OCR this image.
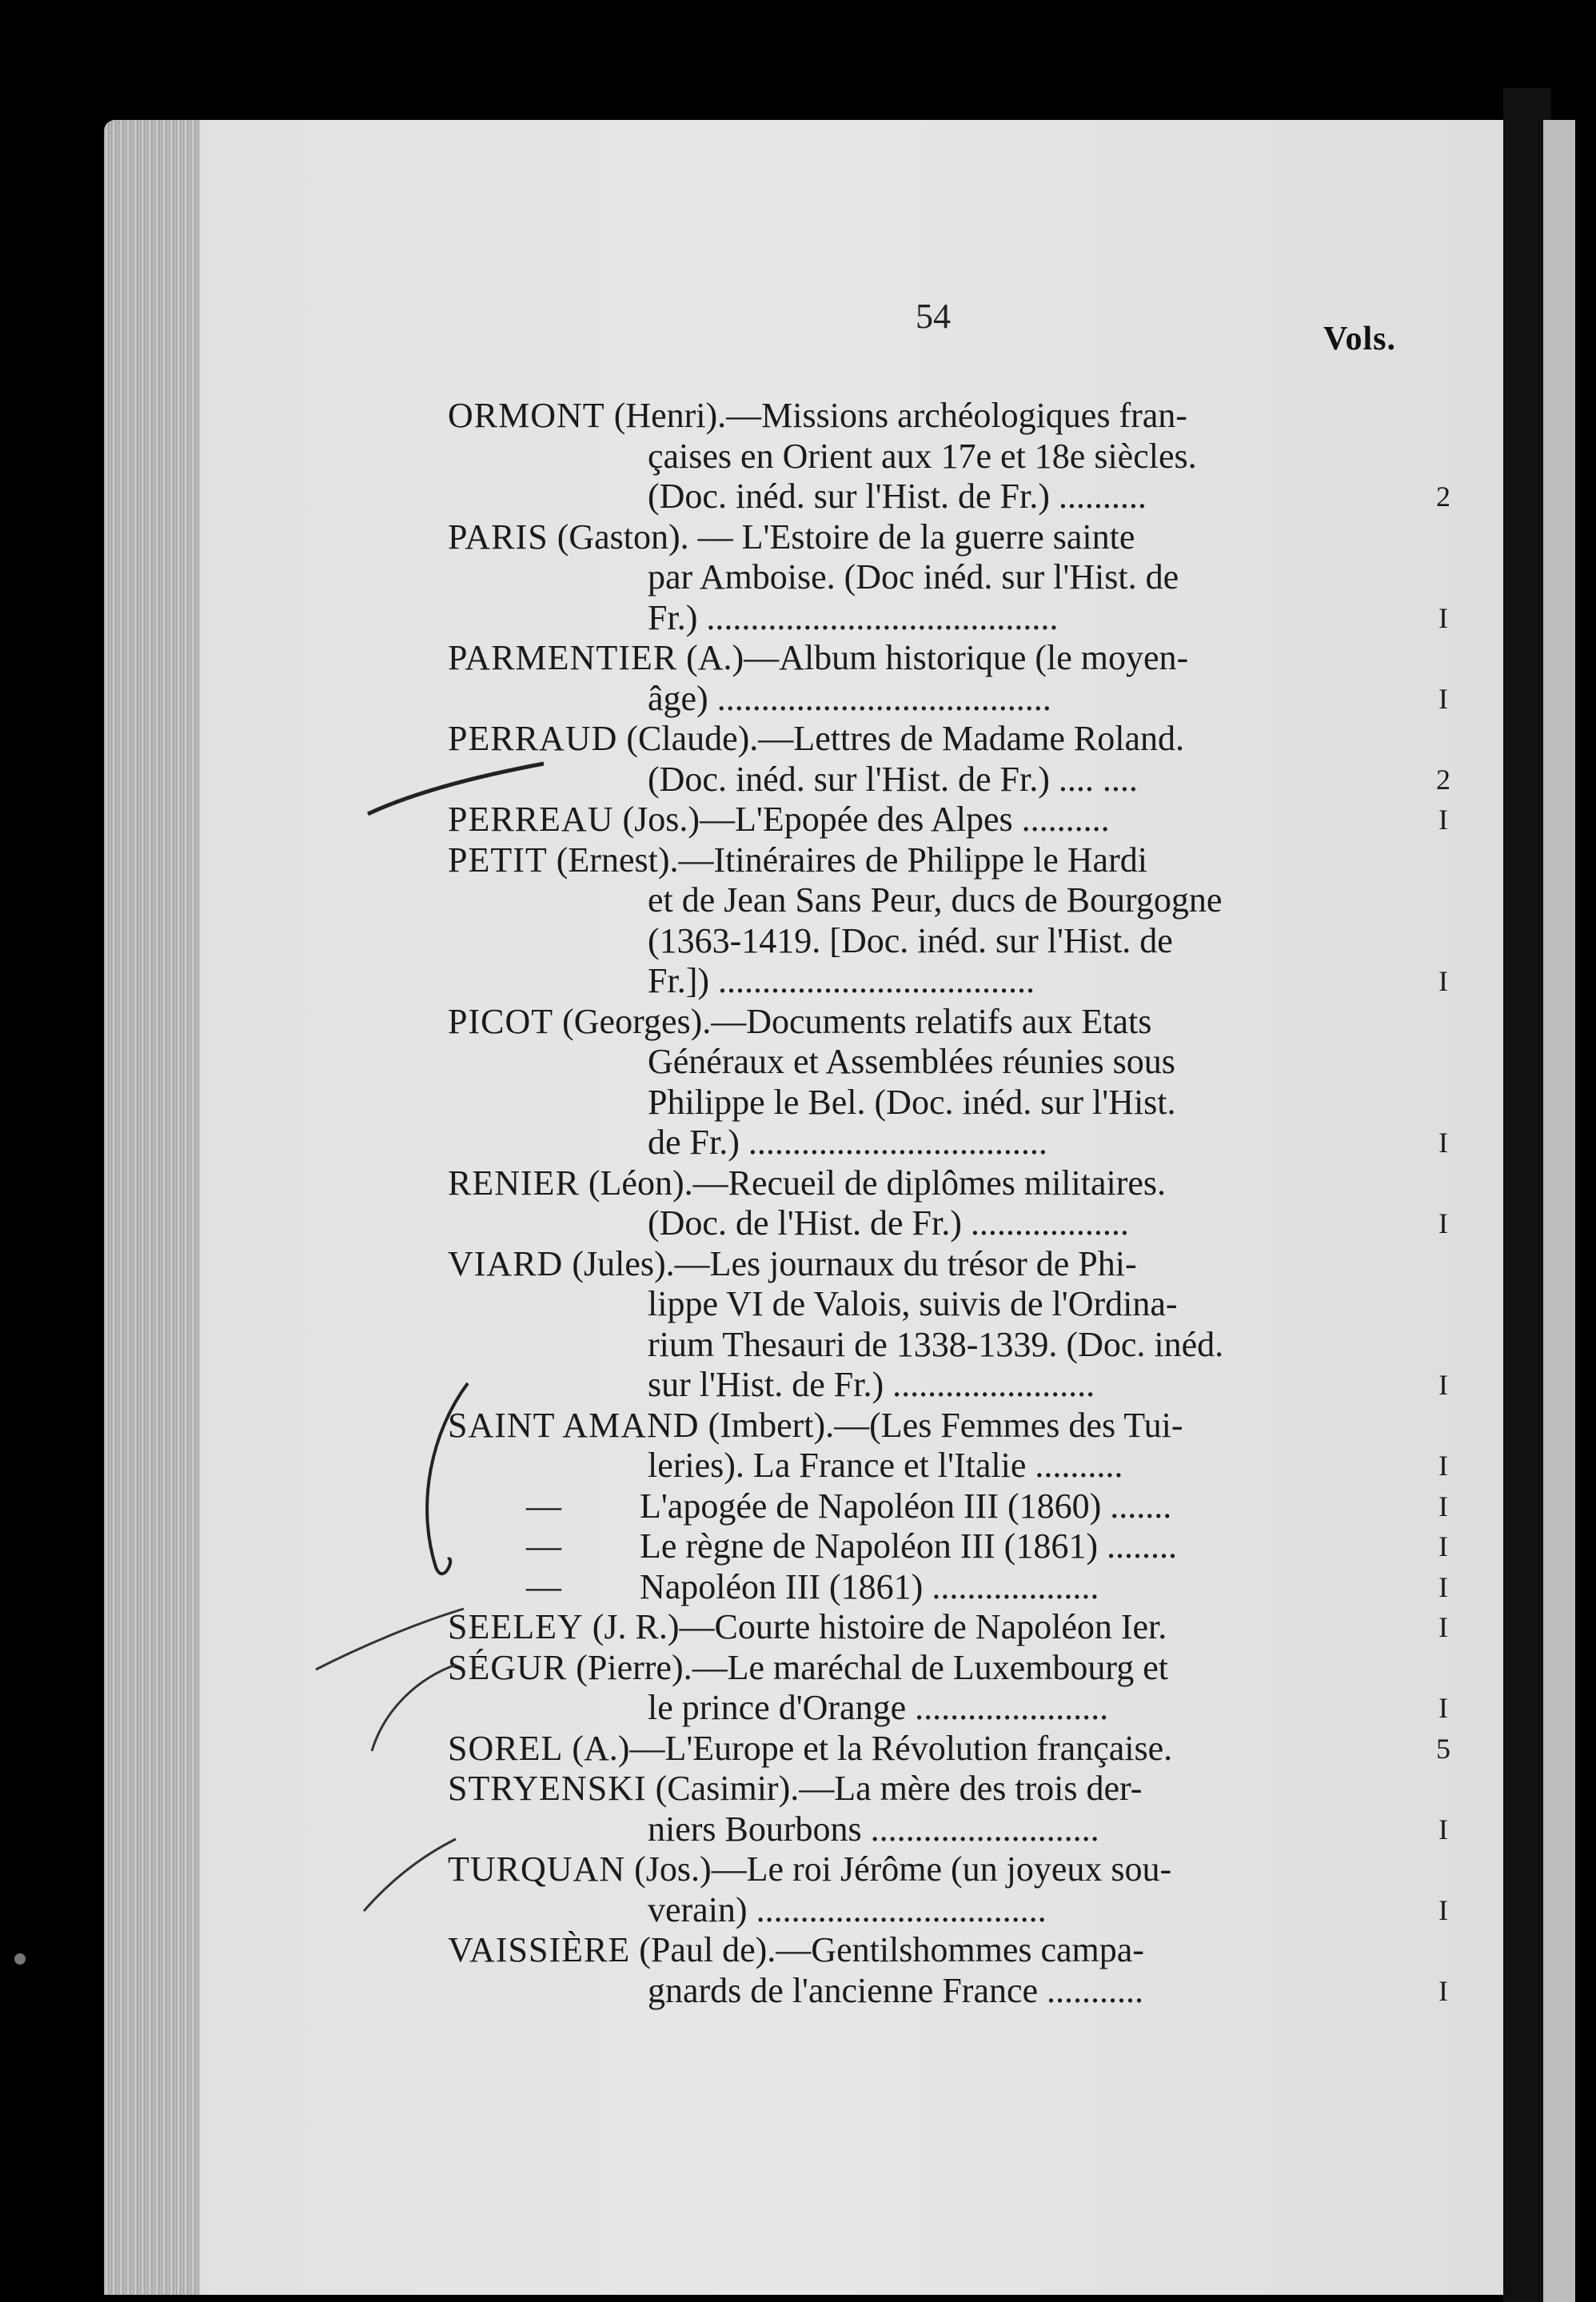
54
Vols.
ORMONT (Henri).—Missions archéologiques fran-
çaises en Orient aux 17e et 18e siècles.
(Doc. inéd. sur l'Hist. de Fr.) ..........	2
PARIS (Gaston). — L'Estoire de la guerre sainte
par Amboise. (Doc inéd. sur l'Hist. de
Fr.) ........................................	I
PARMENTIER (A.)—Album historique (le moyen-
âge) ......................................	I
PERRAUD (Claude).—Lettres de Madame Roland.
(Doc. inéd. sur l'Hist. de Fr.) .... ....	2
PERREAU (Jos.)—L'Epopée des Alpes ..........	I
PETIT (Ernest).—Itinéraires de Philippe le Hardi
et de Jean Sans Peur, ducs de Bourgogne
(1363-1419. [Doc. inéd. sur l'Hist. de
Fr.]) ....................................	I
PICOT (Georges).—Documents relatifs aux Etats
Généraux et Assemblées réunies sous
Philippe le Bel. (Doc. inéd. sur l'Hist.
de Fr.) ..................................	I
RENIER (Léon).—Recueil de diplômes militaires.
(Doc. de l'Hist. de Fr.) ..................	I
VIARD (Jules).—Les journaux du trésor de Phi-
lippe VI de Valois, suivis de l'Ordina-
rium Thesauri de 1338-1339. (Doc. inéd.
sur l'Hist. de Fr.) .......................	I
SAINT AMAND (Imbert).—(Les Femmes des Tui-
leries). La France et l'Italie ..........	I
— L'apogée de Napoléon III (1860) .......	I
— Le règne de Napoléon III (1861) ........	I
— Napoléon III (1861) ...................	I
SEELEY (J. R.)—Courte histoire de Napoléon Ier.	I
SÉGUR (Pierre).—Le maréchal de Luxembourg et
le prince d'Orange ......................	I
SOREL (A.)—L'Europe et la Révolution française.	5
STRYENSKI (Casimir).—La mère des trois der-
niers Bourbons ..........................	I
TURQUAN (Jos.)—Le roi Jérôme (un joyeux sou-
verain) .................................	I
VAISSIÈRE (Paul de).—Gentilshommes campa-
gnards de l'ancienne France ...........	I
